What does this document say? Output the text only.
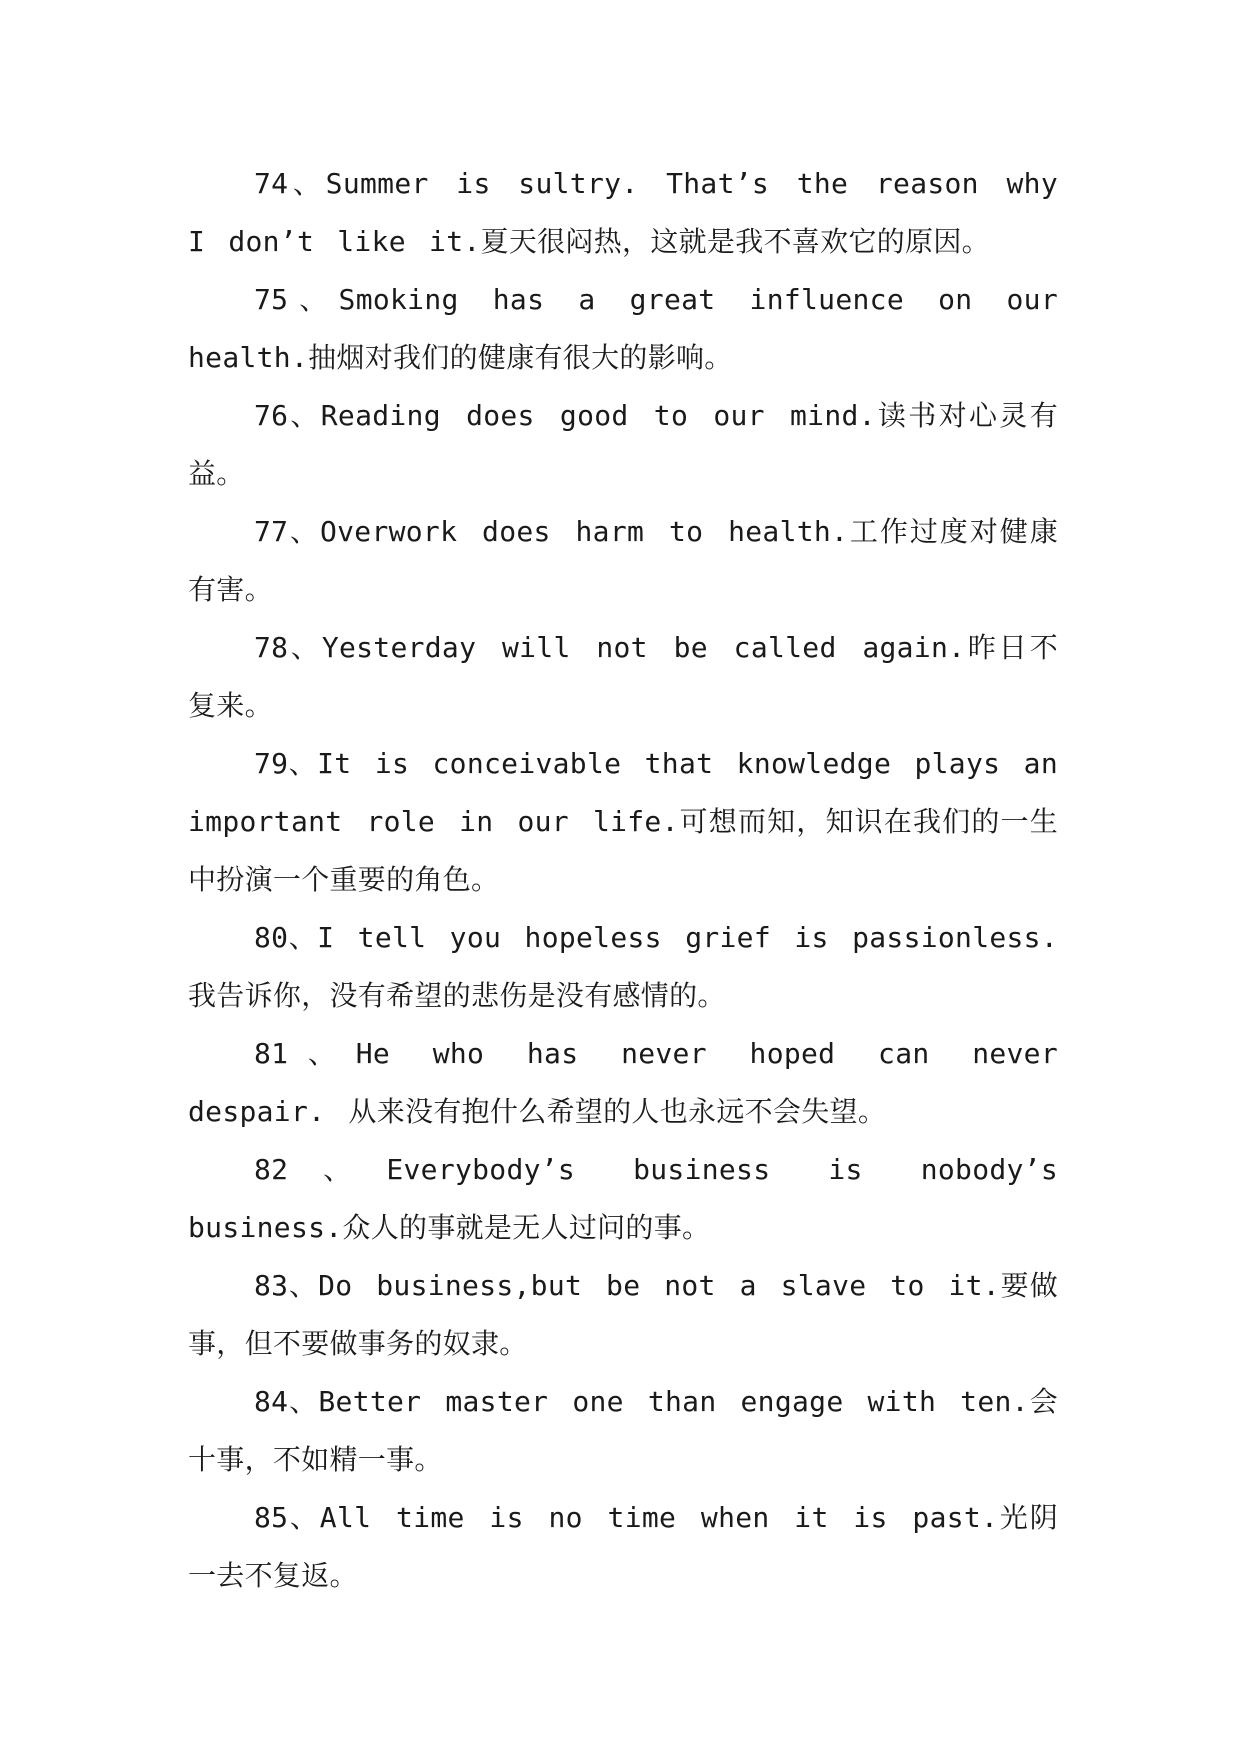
74、Summer is sultry. That’s the reason why I don’t like it.夏天很闷热，这就是我不喜欢它的原因。

75、Smoking has a great influence on our health.抽烟对我们的健康有很大的影响。

76、Reading does good to our mind.读书对心灵有益。

77、Overwork does harm to health.工作过度对健康有害。

78、Yesterday will not be called again.昨日不复来。

79、It is conceivable that knowledge plays an important role in our life.可想而知，知识在我们的一生中扮演一个重要的角色。

80、I tell you hopeless grief is passionless. 我告诉你，没有希望的悲伤是没有感情的。

81、He who has never hoped can never despair. 从来没有抱什么希望的人也永远不会失望。

82、Everybody’s business is nobody’s business.众人的事就是无人过问的事。

83、Do business,but be not a slave to it.要做事，但不要做事务的奴隶。

84、Better master one than engage with ten.会十事，不如精一事。

85、All time is no time when it is past.光阴一去不复返。
